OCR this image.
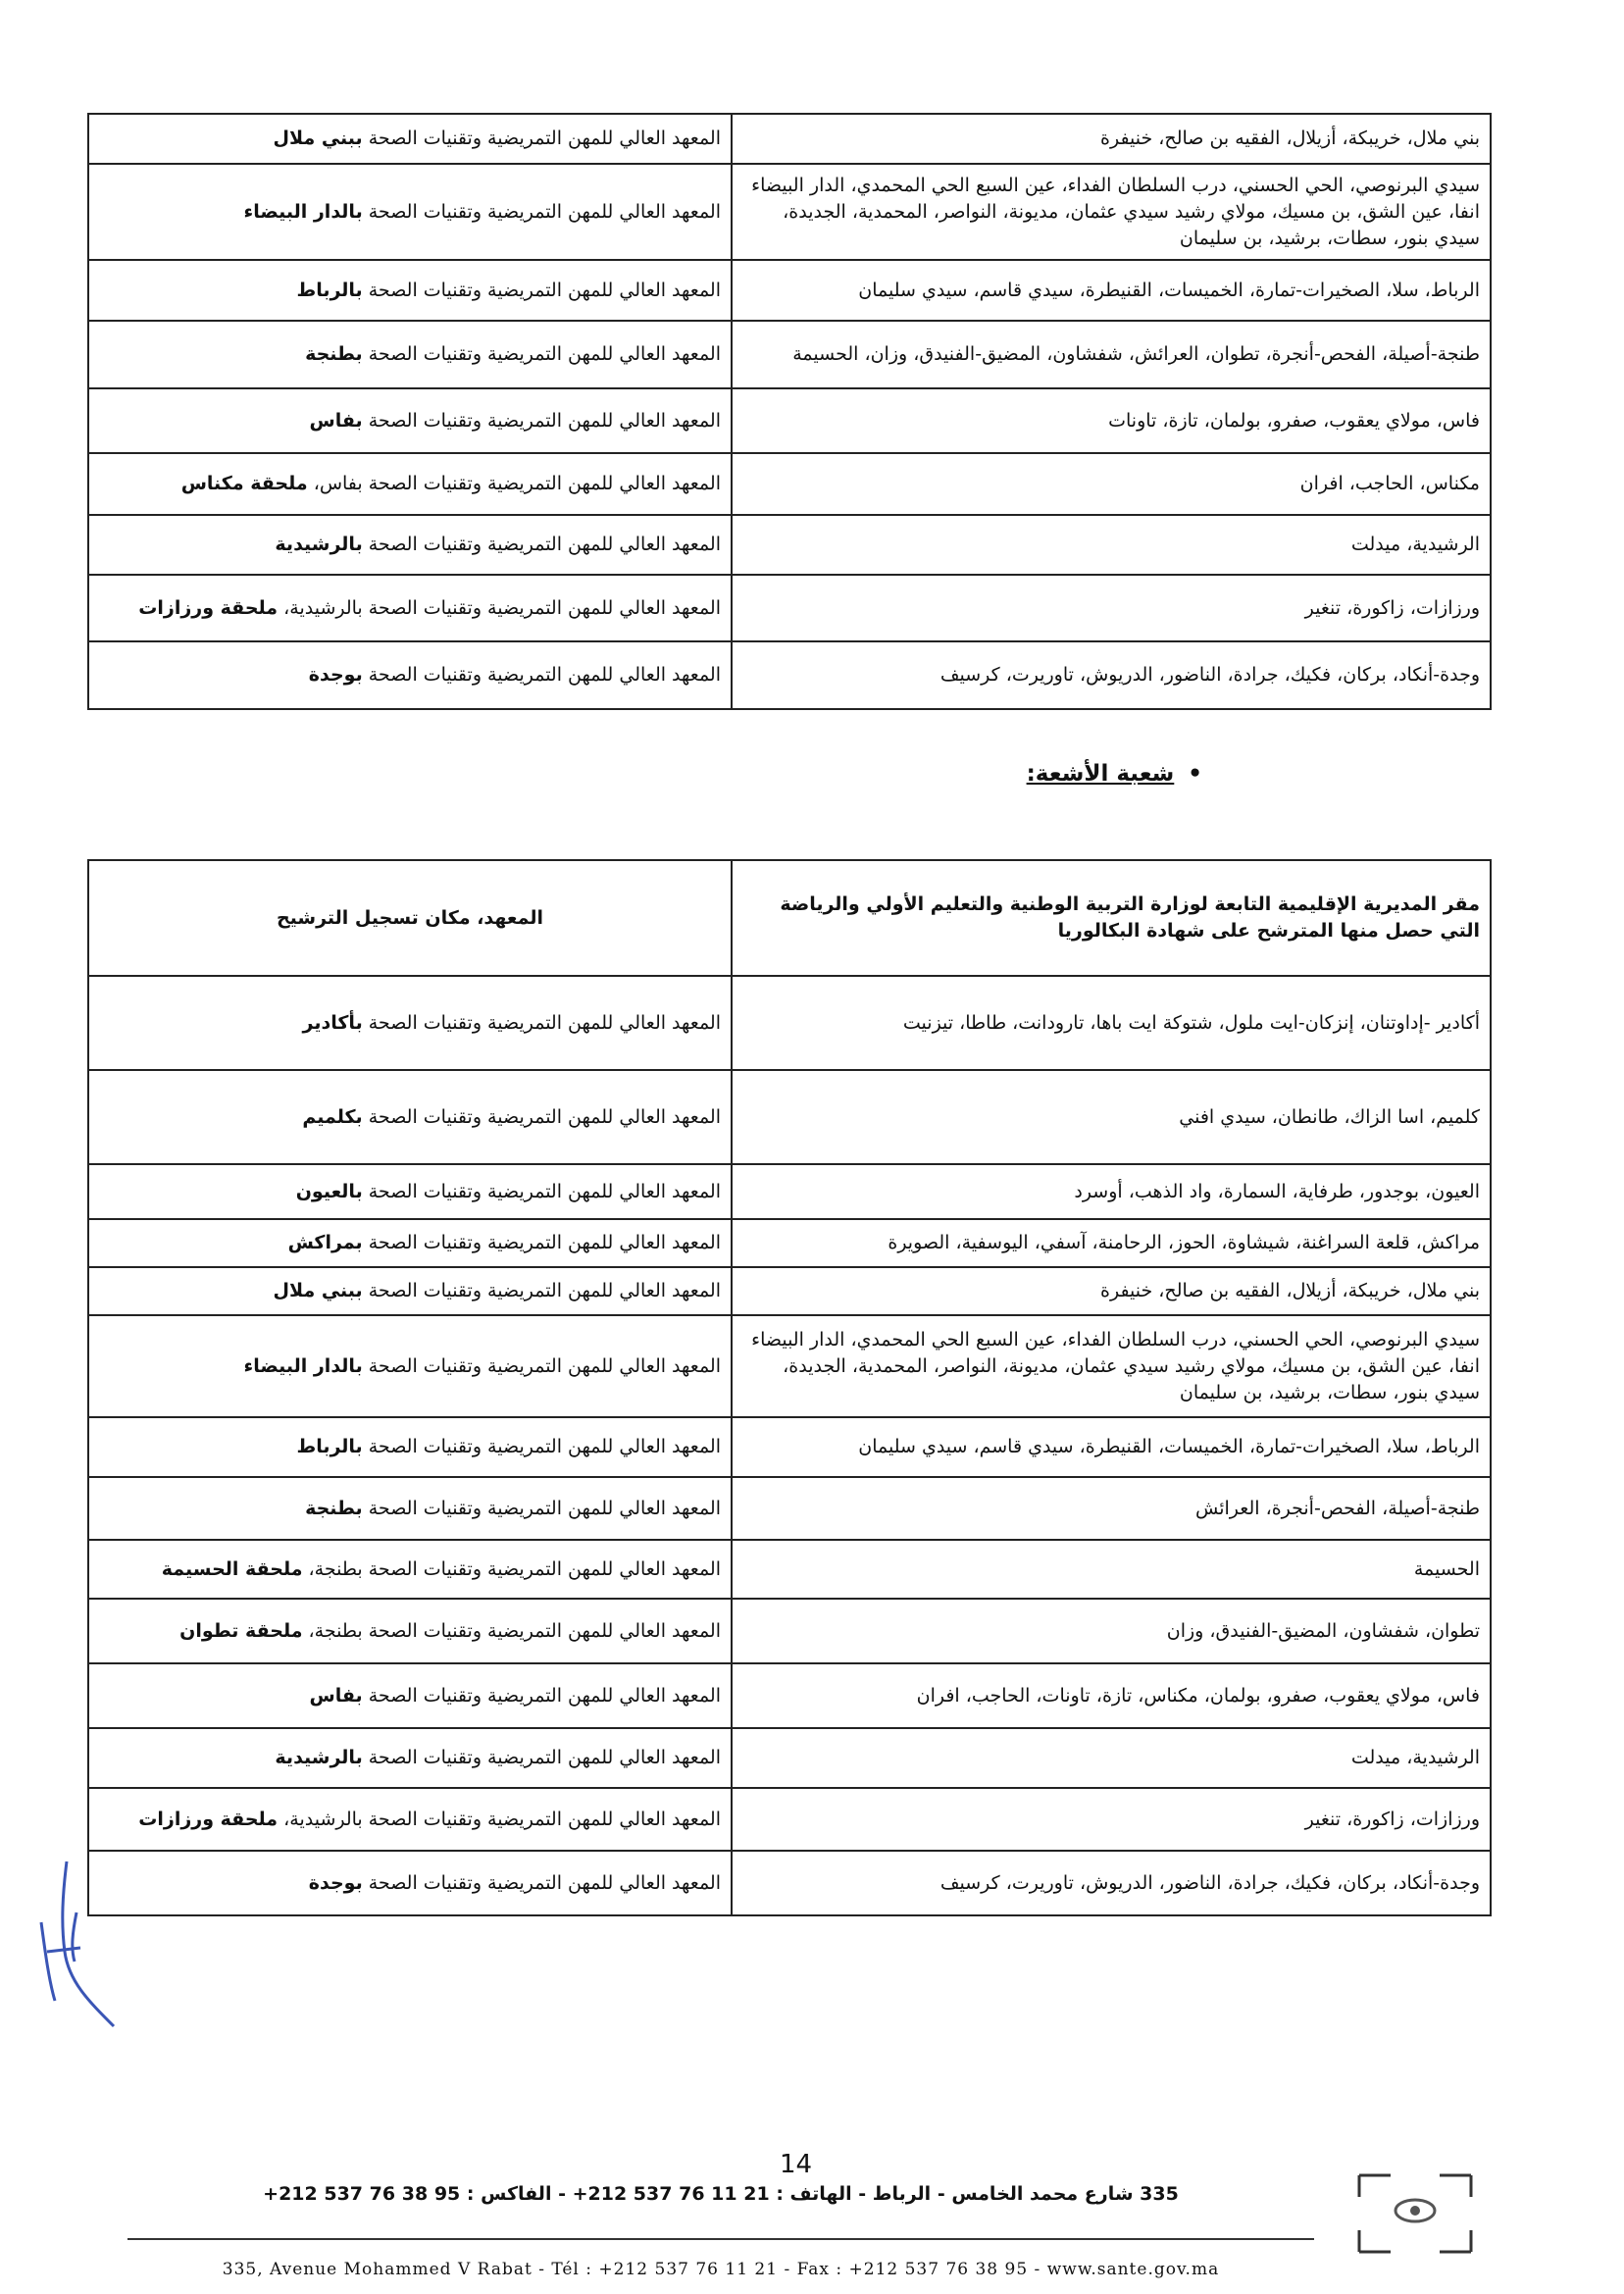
بني ملال، خريبكة، أزيلال، الفقيه بن صالح، خنيفرة	المعهد العالي للمهن التمريضية وتقنيات الصحة ببني ملال
سيدي البرنوصي، الحي الحسني، درب السلطان الفداء، عين السبع الحي المحمدي، الدار البيضاء انفا، عين الشق، بن مسيك، مولاي رشيد سيدي عثمان، مديونة، النواصر، المحمدية، الجديدة، سيدي بنور، سطات، برشيد، بن سليمان	المعهد العالي للمهن التمريضية وتقنيات الصحة بالدار البيضاء
الرباط، سلا، الصخيرات-تمارة، الخميسات، القنيطرة، سيدي قاسم، سيدي سليمان	المعهد العالي للمهن التمريضية وتقنيات الصحة بالرباط
طنجة-أصيلة، الفحص-أنجرة، تطوان، العرائش، شفشاون، المضيق-الفنيدق، وزان، الحسيمة	المعهد العالي للمهن التمريضية وتقنيات الصحة بطنجة
فاس، مولاي يعقوب، صفرو، بولمان، تازة، تاونات	المعهد العالي للمهن التمريضية وتقنيات الصحة بفاس
مكناس، الحاجب، افران	المعهد العالي للمهن التمريضية وتقنيات الصحة بفاس، ملحقة مكناس
الرشيدية، ميدلت	المعهد العالي للمهن التمريضية وتقنيات الصحة بالرشيدية
ورزازات، زاكورة، تنغير	المعهد العالي للمهن التمريضية وتقنيات الصحة بالرشيدية، ملحقة ورزازات
وجدة-أنكاد، بركان، فكيك، جرادة، الناضور، الدريوش، تاوريرت، كرسيف	المعهد العالي للمهن التمريضية وتقنيات الصحة بوجدة
•شعبة الأشعة:
مقر المديرية الإقليمية التابعة لوزارة التربية الوطنية والتعليم الأولي والرياضة التي حصل منها المترشح على شهادة البكالوريا	المعهد، مكان تسجيل الترشيح
أكادير -إداوتنان، إنزكان-ايت ملول، شتوكة ايت باها، تارودانت، طاطا، تيزنيت	المعهد العالي للمهن التمريضية وتقنيات الصحة بأكادير
كلميم، اسا الزاك، طانطان، سيدي افني	المعهد العالي للمهن التمريضية وتقنيات الصحة بكلميم
العيون، بوجدور، طرفاية، السمارة، واد الذهب، أوسرد	المعهد العالي للمهن التمريضية وتقنيات الصحة بالعيون
مراكش، قلعة السراغنة، شيشاوة، الحوز، الرحامنة، آسفي، اليوسفية، الصويرة	المعهد العالي للمهن التمريضية وتقنيات الصحة بمراكش
بني ملال، خريبكة، أزيلال، الفقيه بن صالح، خنيفرة	المعهد العالي للمهن التمريضية وتقنيات الصحة ببني ملال
سيدي البرنوصي، الحي الحسني، درب السلطان الفداء، عين السبع الحي المحمدي، الدار البيضاء انفا، عين الشق، بن مسيك، مولاي رشيد سيدي عثمان، مديونة، النواصر، المحمدية، الجديدة، سيدي بنور، سطات، برشيد، بن سليمان	المعهد العالي للمهن التمريضية وتقنيات الصحة بالدار البيضاء
الرباط، سلا، الصخيرات-تمارة، الخميسات، القنيطرة، سيدي قاسم، سيدي سليمان	المعهد العالي للمهن التمريضية وتقنيات الصحة بالرباط
طنجة-أصيلة، الفحص-أنجرة، العرائش	المعهد العالي للمهن التمريضية وتقنيات الصحة بطنجة
الحسيمة	المعهد العالي للمهن التمريضية وتقنيات الصحة بطنجة، ملحقة الحسيمة
تطوان، شفشاون، المضيق-الفنيدق، وزان	المعهد العالي للمهن التمريضية وتقنيات الصحة بطنجة، ملحقة تطوان
فاس، مولاي يعقوب، صفرو، بولمان، مكناس، تازة، تاونات، الحاجب، افران	المعهد العالي للمهن التمريضية وتقنيات الصحة بفاس
الرشيدية، ميدلت	المعهد العالي للمهن التمريضية وتقنيات الصحة بالرشيدية
ورزازات، زاكورة، تنغير	المعهد العالي للمهن التمريضية وتقنيات الصحة بالرشيدية، ملحقة ورزازات
وجدة-أنكاد، بركان، فكيك، جرادة، الناضور، الدريوش، تاوريرت، كرسيف	المعهد العالي للمهن التمريضية وتقنيات الصحة بوجدة
14
335 شارع محمد الخامس - الرباط - الهاتف : 21 11 76 537 212+ - الفاكس : 95 38 76 537 212+
335, Avenue Mohammed V Rabat - Tél : +212 537 76 11 21 - Fax : +212 537 76 38 95 - www.sante.gov.ma
